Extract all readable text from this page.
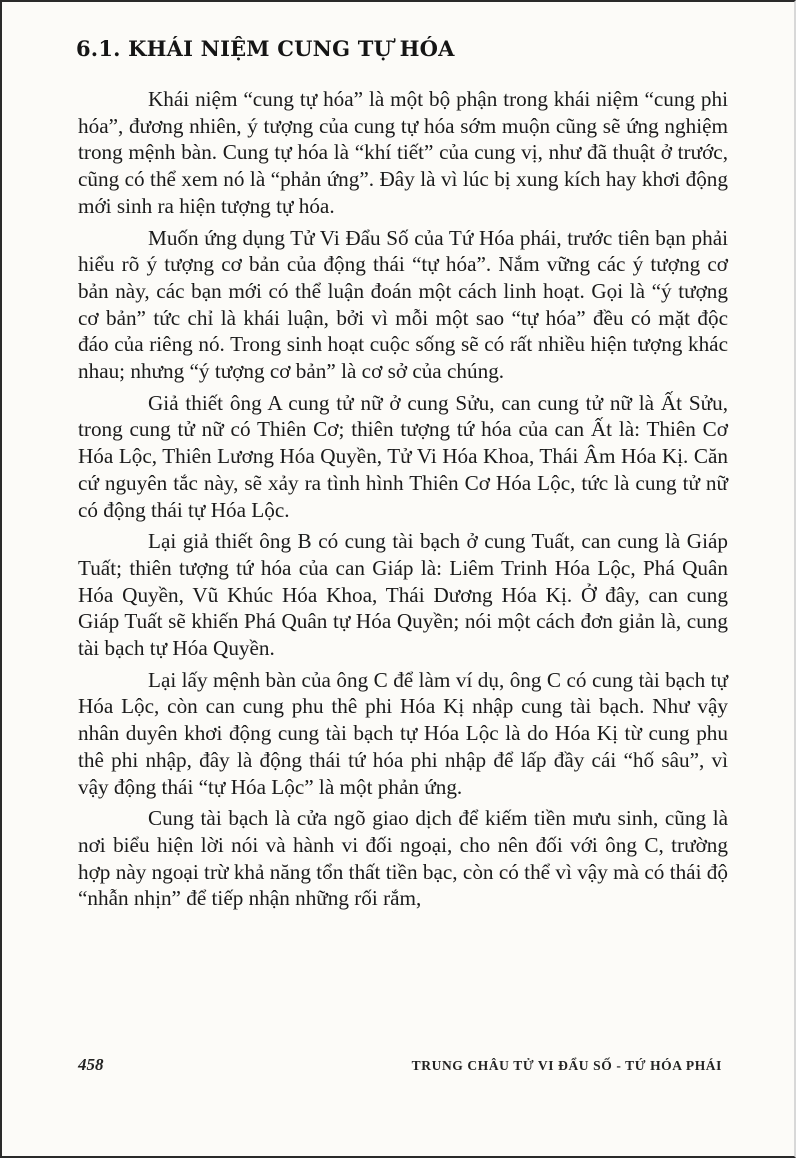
6.1. KHÁI NIỆM CUNG TỰ HÓA

Khái niệm “cung tự hóa” là một bộ phận trong khái niệm “cung phi hóa”, đương nhiên, ý tượng của cung tự hóa sớm muộn cũng sẽ ứng nghiệm trong mệnh bàn. Cung tự hóa là “khí tiết” của cung vị, như đã thuật ở trước, cũng có thể xem nó là “phản ứng”. Đây là vì lúc bị xung kích hay khơi động mới sinh ra hiện tượng tự hóa.

Muốn ứng dụng Tử Vi Đẩu Số của Tứ Hóa phái, trước tiên bạn phải hiểu rõ ý tượng cơ bản của động thái “tự hóa”. Nắm vững các ý tượng cơ bản này, các bạn mới có thể luận đoán một cách linh hoạt. Gọi là “ý tượng cơ bản” tức chỉ là khái luận, bởi vì mỗi một sao “tự hóa” đều có mặt độc đáo của riêng nó. Trong sinh hoạt cuộc sống sẽ có rất nhiều hiện tượng khác nhau; nhưng “ý tượng cơ bản” là cơ sở của chúng.

Giả thiết ông A cung tử nữ ở cung Sửu, can cung tử nữ là Ất Sửu, trong cung tử nữ có Thiên Cơ; thiên tượng tứ hóa của can Ất là: Thiên Cơ Hóa Lộc, Thiên Lương Hóa Quyền, Tử Vi Hóa Khoa, Thái Âm Hóa Kị. Căn cứ nguyên tắc này, sẽ xảy ra tình hình Thiên Cơ Hóa Lộc, tức là cung tử nữ có động thái tự Hóa Lộc.

Lại giả thiết ông B có cung tài bạch ở cung Tuất, can cung là Giáp Tuất; thiên tượng tứ hóa của can Giáp là: Liêm Trinh Hóa Lộc, Phá Quân Hóa Quyền, Vũ Khúc Hóa Khoa, Thái Dương Hóa Kị. Ở đây, can cung Giáp Tuất sẽ khiến Phá Quân tự Hóa Quyền; nói một cách đơn giản là, cung tài bạch tự Hóa Quyền.

Lại lấy mệnh bàn của ông C để làm ví dụ, ông C có cung tài bạch tự Hóa Lộc, còn can cung phu thê phi Hóa Kị nhập cung tài bạch. Như vậy nhân duyên khơi động cung tài bạch tự Hóa Lộc là do Hóa Kị từ cung phu thê phi nhập, đây là động thái tứ hóa phi nhập để lấp đầy cái “hố sâu”, vì vậy động thái “tự Hóa Lộc” là một phản ứng.

Cung tài bạch là cửa ngõ giao dịch để kiếm tiền mưu sinh, cũng là nơi biểu hiện lời nói và hành vi đối ngoại, cho nên đối với ông C, trường hợp này ngoại trừ khả năng tổn thất tiền bạc, còn có thể vì vậy mà có thái độ “nhẫn nhịn” để tiếp nhận những rối rắm,

458	TRUNG CHÂU TỬ VI ĐẨU SỐ - TỨ HÓA PHÁI
